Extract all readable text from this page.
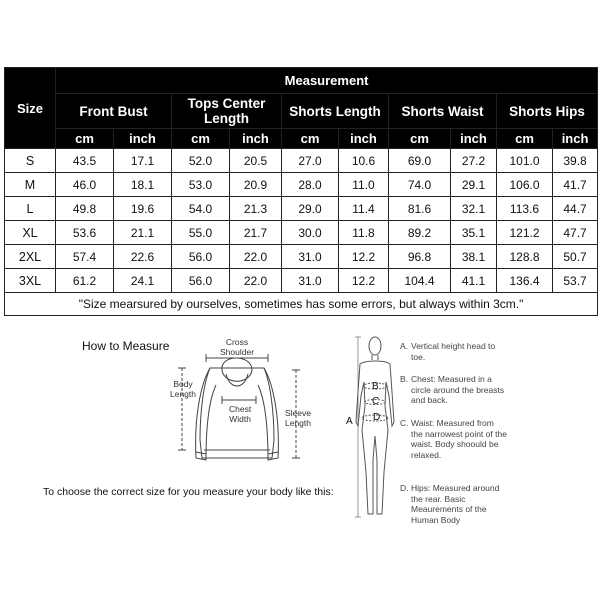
Size	Measurement									
	Front Bust		Tops Center Length		Shorts Length		Shorts Waist		Shorts Hips	
	cm	inch	cm	inch	cm	inch	cm	inch	cm	inch
S	43.5	17.1	52.0	20.5	27.0	10.6	69.0	27.2	101.0	39.8
M	46.0	18.1	53.0	20.9	28.0	11.0	74.0	29.1	106.0	41.7
L	49.8	19.6	54.0	21.3	29.0	11.4	81.6	32.1	113.6	44.7
XL	53.6	21.1	55.0	21.7	30.0	11.8	89.2	35.1	121.2	47.7
2XL	57.4	22.6	56.0	22.0	31.0	12.2	96.8	38.1	128.8	50.7
3XL	61.2	24.1	56.0	22.0	31.0	12.2	104.4	41.1	136.4	53.7
"Size mearsured by ourselves, sometimes has some errors, but always within 3cm."										
How to Measure
To choose the correct size for you measure your body like this:
Cross
Shoulder
Body
Length
Chest
Width
Sleeve
Length	A
B
C
D
A. Vertical height head to toe.
B. Chest: Measured in a circle around the breasts and back.
C. Waist: Measured from the narrowest point of the waist. Body shoould be relaxed.
D. Hips: Measured around the rear. Basic Meaurements of the Human Body
